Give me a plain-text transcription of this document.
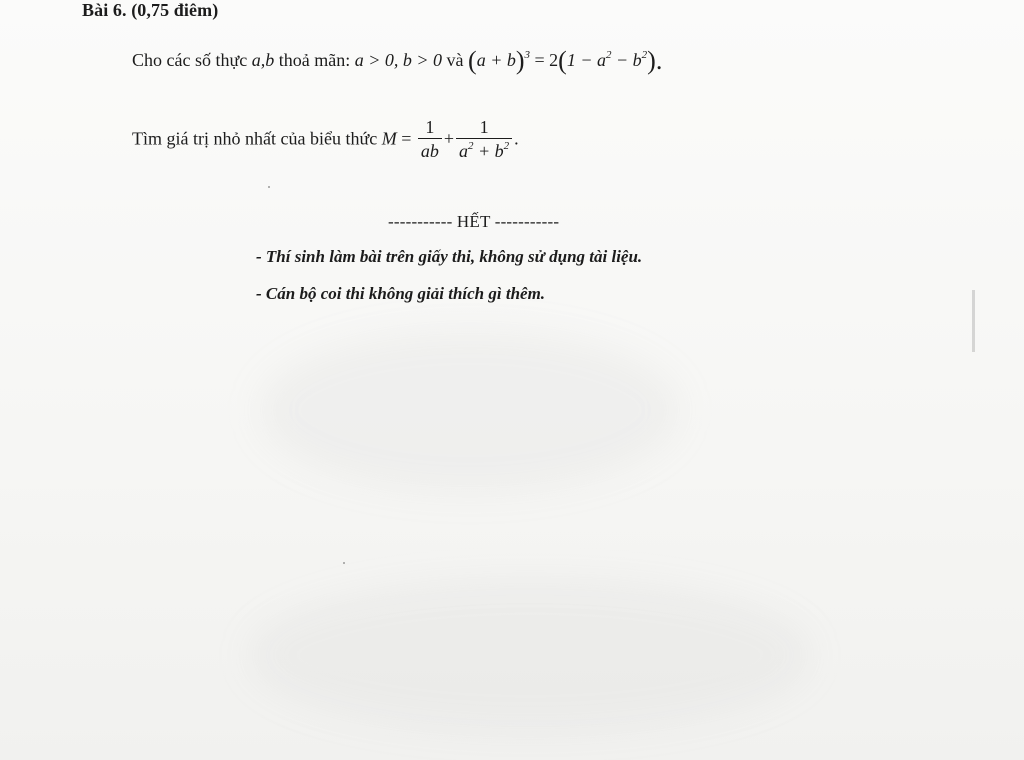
Bài 6. (0,75 điêm)
Cho các số thực a,b thoả mãn: a > 0, b > 0 và $(a + b)^3 = 2(1 - a^2 - b^2)$.
Tìm giá trị nhỏ nhất của biểu thức $M = \frac{1}{ab} + \frac{1}{a^2 + b^2}$ .
----------- HẾT -----------
- Thí sinh làm bài trên giấy thi, không sử dụng tài liệu.
- Cán bộ coi thi không giải thích gì thêm.
